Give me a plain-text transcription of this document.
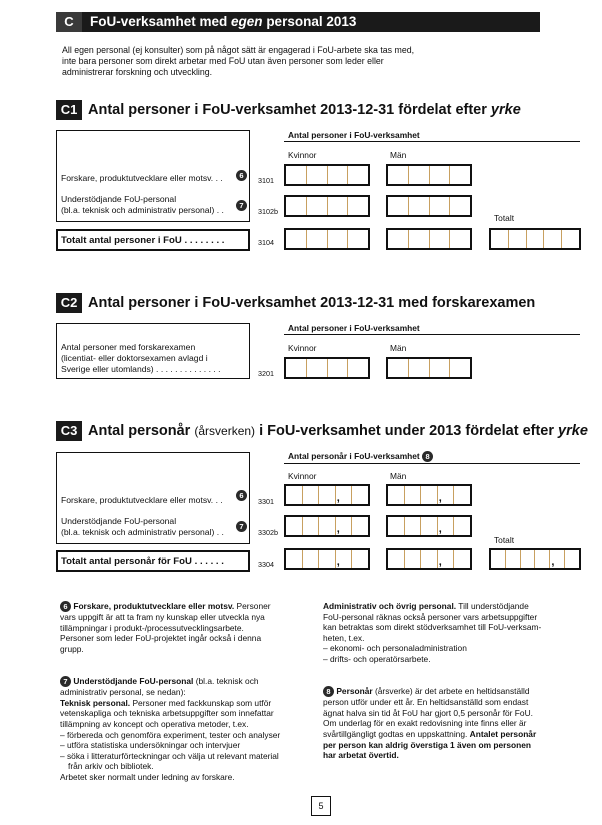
C	FoU-verksamhet med egen personal 2013
All egen personal (ej konsulter) som på något sätt är engagerad i FoU-arbete ska tas med,
inte bara personer som direkt arbetar med FoU utan även personer som leder eller
administrerar forskning och utveckling.
C1 Antal personer i FoU-verksamhet 2013-12-31 fördelat efter yrke
Antal personer i FoU-verksamhet
Kvinnor	Män
Totalt
Forskare, produktutvecklare eller motsv. . .	6
3101
Understödjande FoU-personal
(bl.a. teknisk och administrativ personal) . .	7
3102b
Totalt antal personer i FoU . . . . . . . .	3104
C2 Antal personer i FoU-verksamhet 2013-12-31 med forskarexamen
Antal personer i FoU-verksamhet
Kvinnor	Män
Antal personer med forskarexamen
(licentiat- eller doktorsexamen avlagd i
Sverige eller utomlands) . . . . . . . . . . . . . .	3201
C3 Antal personår (årsverken) i FoU-verksamhet under 2013 fördelat efter yrke
Antal personår i FoU-verksamhet 8
Kvinnor	Män
Totalt
Forskare, produktutvecklare eller motsv. . .	6
3301	,	,
Understödjande FoU-personal
(bl.a. teknisk och administrativ personal) . .
7
3302b	,	,
Totalt antal personår för FoU . . . . . .	3304	,	,	,
6 Forskare, produktutvecklare eller motsv. Personer
vars uppgift är att ta fram ny kunskap eller utveckla nya
tillämpningar i produkt-/processutvecklingsarbete.
Personer som leder FoU-projektet ingår också i denna
grupp.
7 Understödjande FoU-personal (bl.a. teknisk och
administrativ personal, se nedan):
Teknisk personal. Personer med fackkunskap som utför
vetenskapliga och tekniska arbetsuppgifter som innefattar
tillämpning av koncept och operativa metoder, t.ex.
– förbereda och genomföra experiment, tester och analyser
– utföra statistiska undersökningar och intervjuer
– söka i litteraturförteckningar och välja ut relevant material
från arkiv och bibliotek.
Arbetet sker normalt under ledning av forskare.
Administrativ och övrig personal. Till understödjande
FoU-personal räknas också personer vars arbetsuppgifter
kan betraktas som direkt stödverksamhet till FoU-verksam-
heten, t.ex.
– ekonomi- och personaladministration
– drifts- och operatörsarbete.
8 Personår (årsverke) är det arbete en heltidsanställd
person utför under ett år. En heltidsanställd som endast
ägnat halva sin tid åt FoU har gjort 0,5 personår för FoU.
Om underlag för en exakt redovisning inte finns eller är
svårtillgängligt godtas en uppskattning. Antalet personår
per person kan aldrig överstiga 1 även om personen
har arbetat övertid.
5
